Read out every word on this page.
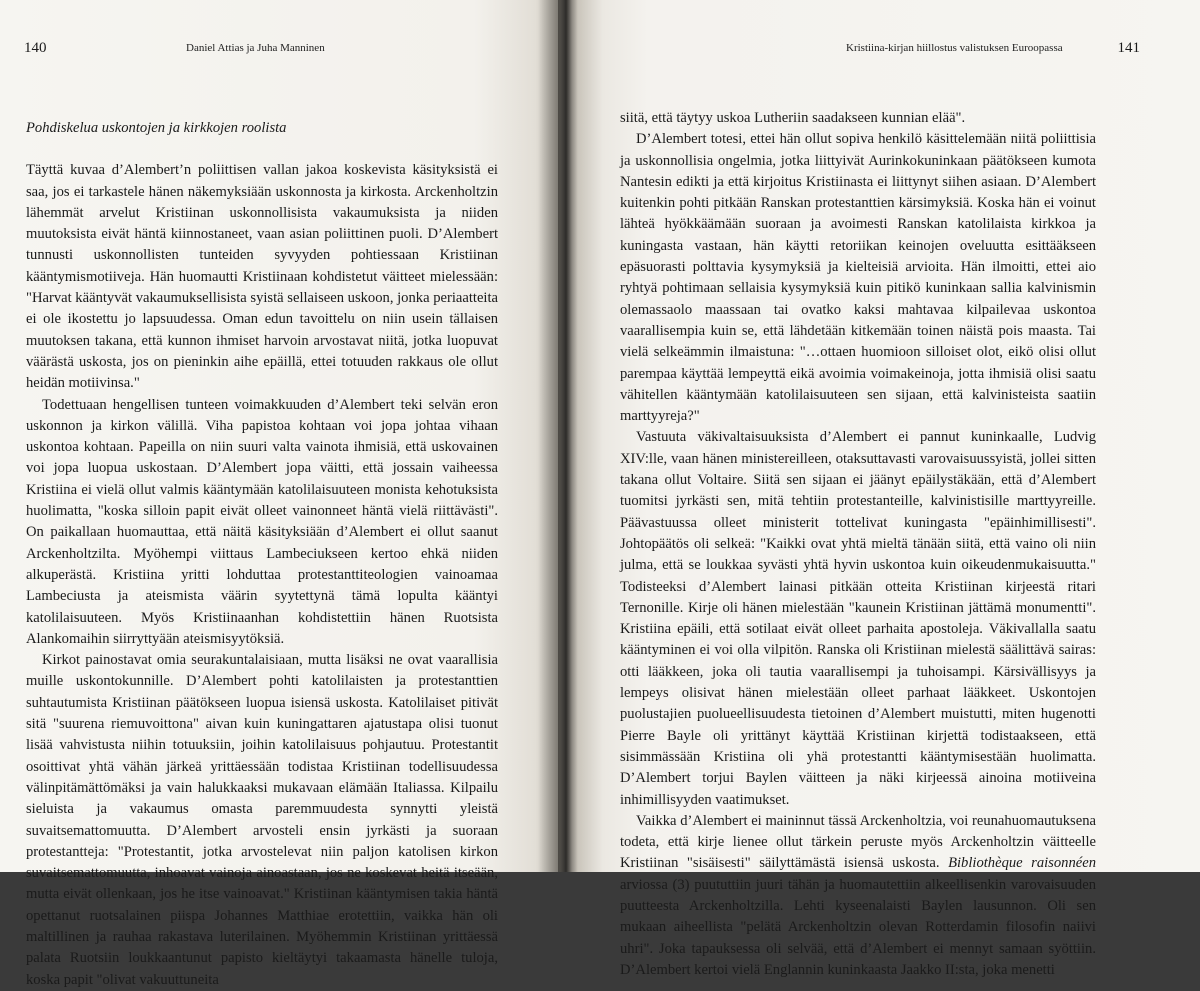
140	Daniel Attias ja Juha Manninen	Kristiina-kirjan hiillostus valistuksen Euroopassa	141

Pohdiskelua uskontojen ja kirkkojen roolista

Täyttä kuvaa d’Alembert’n poliittisen vallan jakoa koskevista käsityksistä ei saa, jos ei tarkastele hänen näkemyksiään uskonnosta ja kirkosta. Arckenholtzin lähemmät arvelut Kristiinan uskonnollisista vakaumuksista ja niiden muutoksista eivät häntä kiinnostaneet, vaan asian poliittinen puoli. D’Alembert tunnusti uskonnollisten tunteiden syvyyden pohtiessaan Kristiinan kääntymismotiiveja. Hän huomautti Kristiinaan kohdistetut väitteet mielessään: "Harvat kääntyvät vakaumuksellisista syistä sellaiseen uskoon, jonka periaatteita ei ole ikostettu jo lapsuudessa. Oman edun tavoittelu on niin usein tällaisen muutoksen takana, että kunnon ihmiset harvoin arvostavat niitä, jotka luopuvat väärästä uskosta, jos on pieninkin aihe epäillä, ettei totuuden rakkaus ole ollut heidän motiivinsa."

Todettuaan hengellisen tunteen voimakkuuden d’Alembert teki selvän eron uskonnon ja kirkon välillä. Viha papistoa kohtaan voi jopa johtaa vihaan uskontoa kohtaan. Papeilla on niin suuri valta vainota ihmisiä, että uskovainen voi jopa luopua uskostaan. D’Alembert jopa väitti, että jossain vaiheessa Kristiina ei vielä ollut valmis kääntymään katolilaisuuteen monista kehotuksista huolimatta, "koska silloin papit eivät olleet vainonneet häntä vielä riittävästi". On paikallaan huomauttaa, että näitä käsityksiään d’Alembert ei ollut saanut Arckenholtzilta. Myöhempi viittaus Lambeciukseen kertoo ehkä niiden alkuperästä. Kristiina yritti lohduttaa protestanttiteologien vainoamaa Lambeciusta ja ateismista väärin syytettynä tämä lopulta kääntyi katolilaisuuteen. Myös Kristiinaanhan kohdistettiin hänen Ruotsista Alankomaihin siirryttyään ateismisyytöksiä.

Kirkot painostavat omia seurakuntalaisiaan, mutta lisäksi ne ovat vaarallisia muille uskontokunnille. D’Alembert pohti katolilaisten ja protestanttien suhtautumista Kristiinan päätökseen luopua isiensä uskosta. Katolilaiset pitivät sitä "suurena riemuvoittona" aivan kuin kuningattaren ajatustapa olisi tuonut lisää vahvistusta niihin totuuksiin, joihin katolilaisuus pohjautuu. Protestantit osoittivat yhtä vähän järkeä yrittäessään todistaa Kristiinan todellisuudessa välinpitämättömäksi ja vain halukkaaksi mukavaan elämään Italiassa. Kilpailu sieluista ja vakaumus omasta paremmuudesta synnytti yleistä suvaitsemattomuutta. D’Alembert arvosteli ensin jyrkästi ja suoraan protestantteja: "Protestantit, jotka arvostelevat niin paljon katolisen kirkon suvaitsemattomuutta, inhoavat vainoja ainoastaan, jos ne koskevat heitä itseään, mutta eivät ollenkaan, jos he itse vainoavat." Kristiinan kääntymisen takia häntä opettanut ruotsalainen piispa Johannes Matthiae erotettiin, vaikka hän oli maltillinen ja rauhaa rakastava luterilainen. Myöhemmin Kristiinan yrittäessä palata Ruotsiin loukkaantunut papisto kieltäytyi takaamasta hänelle tuloja, koska papit "olivat vakuuttuneita

siitä, että täytyy uskoa Lutheriin saadakseen kunnian elää".

D’Alembert totesi, ettei hän ollut sopiva henkilö käsittelemään niitä poliittisia ja uskonnollisia ongelmia, jotka liittyivät Aurinkokuninkaan päätökseen kumota Nantesin edikti ja että kirjoitus Kristiinasta ei liittynyt siihen asiaan. D’Alembert kuitenkin pohti pitkään Ranskan protestanttien kärsimyksiä. Koska hän ei voinut lähteä hyökkäämään suoraan ja avoimesti Ranskan katolilaista kirkkoa ja kuningasta vastaan, hän käytti retoriikan keinojen oveluutta esittääkseen epäsuorasti polttavia kysymyksiä ja kielteisiä arvioita. Hän ilmoitti, ettei aio ryhtyä pohtimaan sellaisia kysymyksiä kuin pitikö kuninkaan sallia kalvinismin olemassaolo maassaan tai ovatko kaksi mahtavaa kilpailevaa uskontoa vaarallisempia kuin se, että lähdetään kitkemään toinen näistä pois maasta. Tai vielä selkeämmin ilmaistuna: "…ottaen huomioon silloiset olot, eikö olisi ollut parempaa käyttää lempeyttä eikä avoimia voimakeinoja, jotta ihmisiä olisi saatu vähitellen kääntymään katolilaisuuteen sen sijaan, että kalvinisteista saatiin marttyyreja?"

Vastuuta väkivaltaisuuksista d’Alembert ei pannut kuninkaalle, Ludvig XIV:lle, vaan hänen ministereilleen, otaksuttavasti varovaisuussyistä, jollei sitten takana ollut Voltaire. Siitä sen sijaan ei jäänyt epäilystäkään, että d’Alembert tuomitsi jyrkästi sen, mitä tehtiin protestanteille, kalvinistisille marttyyreille. Päävastuussa olleet ministerit tottelivat kuningasta "epäinhimillisesti". Johtopäätös oli selkeä: "Kaikki ovat yhtä mieltä tänään siitä, että vaino oli niin julma, että se loukkaa syvästi yhtä hyvin uskontoa kuin oikeudenmukaisuutta." Todisteeksi d’Alembert lainasi pitkään otteita Kristiinan kirjeestä ritari Ternonille. Kirje oli hänen mielestään "kaunein Kristiinan jättämä monumentti". Kristiina epäili, että sotilaat eivät olleet parhaita apostoleja. Väkivallalla saatu kääntyminen ei voi olla vilpitön. Ranska oli Kristiinan mielestä säälittävä sairas: otti lääkkeen, joka oli tautia vaarallisempi ja tuhoisampi. Kärsivällisyys ja lempeys olisivat hänen mielestään olleet parhaat lääkkeet. Uskontojen puolustajien puolueellisuudesta tietoinen d’Alembert muistutti, miten hugenotti Pierre Bayle oli yrittänyt käyttää Kristiinan kirjettä todistaakseen, että sisimmässään Kristiina oli yhä protestantti kääntymisestään huolimatta. D’Alembert torjui Baylen väitteen ja näki kirjeessä ainoina motiiveina inhimillisyyden vaatimukset.

Vaikka d’Alembert ei maininnut tässä Arckenholtzia, voi reunahuomautuksena todeta, että kirje lienee ollut tärkein peruste myös Arckenholtzin väitteelle Kristiinan "sisäisesti" säilyttämästä isiensä uskosta. Bibliothèque raisonnéen arviossa (3) puututtiin juuri tähän ja huomautettiin alkeellisenkin varovaisuuden puutteesta Arckenholtzilla. Lehti kyseenalaisti Baylen lausunnon. Oli sen mukaan aiheellista "pelätä Arckenholtzin olevan Rotterdamin filosofin naiivi uhri". Joka tapauksessa oli selvää, että d’Alembert ei mennyt samaan syöttiin. D’Alembert kertoi vielä Englannin kuninkaasta Jaakko II:sta, joka menetti
